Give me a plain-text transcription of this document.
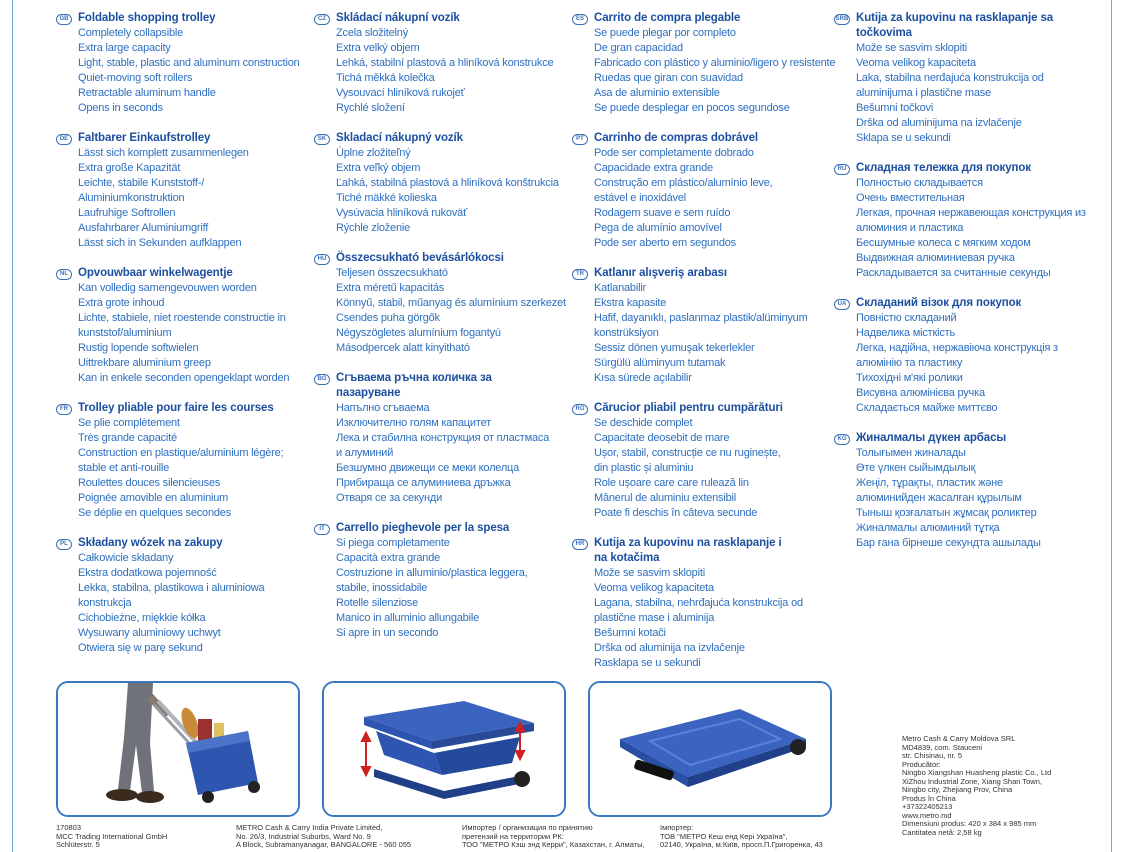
GB Foldable shopping trolley
Completely collapsible
Extra large capacity
Light, stable, plastic and aluminum construction
Quiet-moving soft rollers
Retractable aluminum handle
Opens in seconds
DE Faltbarer Einkaufstrolley
Lässt sich komplett zusammenlegen
Extra große Kapazität
Leichte, stabile Kunststoff-/
Aluminiumkonstruktion
Laufruhige Softrollen
Ausfahrbarer Aluminiumgriff
Lässt sich in Sekunden aufklappen
NL Opvouwbaar winkelwagentje
Kan volledig samengevouwen worden
Extra grote inhoud
Lichte, stabiele, niet roestende constructie in
kunststof/aluminium
Rustig lopende softwielen
Uittrekbare aluminium greep
Kan in enkele seconden opengeklapt worden
FR Trolley pliable pour faire les courses
Se plie complètement
Très grande capacité
Construction en plastique/aluminium légère;
stable et anti-rouille
Roulettes douces silencieuses
Poignée amovible en aluminium
Se déplie en quelques secondes
PL Składany wózek na zakupy
Całkowicie składany
Ekstra dodatkowa pojemność
Lekka, stabilna, plastikowa i aluminiowa
konstrukcja
Cichobieżne, miękkie kółka
Wysuwany aluminiowy uchwyt
Otwiera się w parę sekund
CZ Skládací nákupní vozík
Zcela složitelný
Extra velký objem
Lehká, stabilní plastová a hliníková konstrukce
Tichá měkká kolečka
Vysouvací hliníková rukojeť
Rychlé složení
SK Skladací nákupný vozík
Úplne zložiteľný
Extra veľký objem
Ľahká, stabilná plastová a hliníková konštrukcia
Tiché mäkké kolieska
Vysúvacia hliníková rukoväť
Rýchle zloženie
HU Összecsukható bevásárlókocsi
Teljesen összecsukható
Extra méretű kapacitás
Könnyű, stabil, műanyag és alumínium szerkezet
Csendes puha görgők
Négyszögletes alumínium fogantyú
Másodpercek alatt kinyitható
BG Сгъваема ръчна количка за
пазаруване
Напълно сгъваема
Изключително голям капацитет
Лека и стабилна конструкция от пластмаса
и алуминий
Безшумно движещи се меки колелца
Прибираща се алуминиева дръжка
Отваря се за секунди
IT Carrello pieghevole per la spesa
Si piega completamente
Capacità extra grande
Costruzione in alluminio/plastica leggera,
stabile, inossidabile
Rotelle silenziose
Manico in alluminio allungabile
Si apre in un secondo
ES Carrito de compra plegable
Se puede plegar por completo
De gran capacidad
Fabricado con plástico y aluminio/ligero y resistente
Ruedas que giran con suavidad
Asa de aluminio extensible
Se puede desplegar en pocos segundose
PT Carrinho de compras dobrável
Pode ser completamente dobrado
Capacidade extra grande
Construção em plástico/alumínio leve,
estável e inoxidável
Rodagem suave e sem ruído
Pega de alumínio amovível
Pode ser aberto em segundos
TR Katlanır alışveriş arabası
Katlanabilir
Ekstra kapasite
Hafif, dayanıklı, paslanmaz plastik/alüminyum
konstrüksiyon
Sessiz dönen yumuşak tekerlekler
Sürgülü alüminyum tutamak
Kısa sürede açılabilir
RO Cărucior pliabil pentru cumpărături
Se deschide complet
Capacitate deosebit de mare
Ușor, stabil, construcție ce nu ruginește,
din plastic și aluminiu
Role ușoare care care rulează lin
Mânerul de aluminiu extensibil
Poate fi deschis în câteva secunde
HR Kutija za kupovinu na rasklapanje i
na kotačima
Može se sasvim sklopiti
Veoma velikog kapaciteta
Lagana, stabilna, nehrđajuća konstrukcija od
plastične mase i aluminija
Bešumni kotači
Drška od aluminija na izvlačenje
Rasklapa se u sekundi
SRB Kutija za kupovinu na rasklapanje sa
točkovima
Može se sasvim sklopiti
Veoma velikog kapaciteta
Laka, stabilna nerđajuća konstrukcija od
aluminijuma i plastične mase
Bešumni točkovi
Drška od aluminijuma na izvlačenje
Sklapa se u sekundi
RU Складная тележка для покупок
Полностью складывается
Очень вместительная
Легкая, прочная нержавеющая конструкция из
алюминия и пластика
Бесшумные колеса с мягким ходом
Выдвижная алюминиевая ручка
Раскладывается за считанные секунды
UA Складаний візок для покупок
Повністю складаний
Надвелика місткість
Легка, надійна, нержавіюча конструкція з
алюмінію та пластику
Тихохідні м'які ролики
Висувна алюмінієва ручка
Складається майже миттєво
KG Жиналмалы дүкен арбасы
Толығымен жиналады
Өте үлкен сыйымдылық
Жеңіл, тұрақты, пластик және
алюминийден жасалған құрылым
Тыныш қозғалатын жұмсақ роликтер
Жиналмалы алюминий тұтқа
Бар ғана бірнеше секундта ашылады
170803
MCC Trading International GmbH
Schlüterstr. 5
METRO Cash & Carry India Private Limited,
No. 26/3, Industrial Suburbs, Ward No. 9
A Block, Subramanyanagar, BANGALORE - 560 055
Импортер / организация по принятию
претензий на территории РК:
ТОО "МЕТРО Кэш энд Керри", Казахстан, г. Алматы,
Імпортер:
ТОВ "МЕТРО Кеш енд Кері Україна",
02140, Україна, м.Київ, просп.П.Григоренка, 43
Metro Cash & Carry Moldova SRL
MD4839, com. Stauceni
str. Chisinau, nr. 5
Producător:
Ningbo Xiangshan Huasheng plastic Co., Ltd
XiZhou Industrial Zone, Xiang Shan Town,
Ningbo city, Zhejiang Prov, China
Produs în China
+37322405213
www.metro.md
Dimensiuni produs: 420 x 384 x 985 mm
Cantitatea netă: 2,58 kg
